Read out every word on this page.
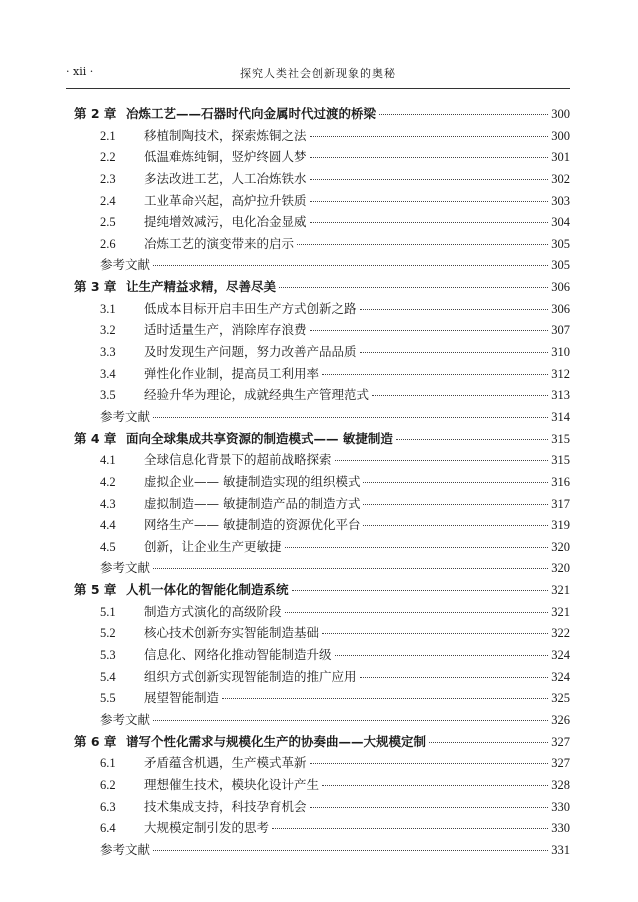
· xii ·	探究人类社会创新现象的奥秘
第 2 章 冶炼工艺——石器时代向金属时代过渡的桥梁	300
2.1	移植制陶技术，探索炼铜之法	300
2.2	低温难炼纯铜，竖炉终圆人梦	301
2.3	多法改进工艺，人工冶炼铁水	302
2.4	工业革命兴起，高炉拉升铁质	303
2.5	提纯增效减污，电化冶金显威	304
2.6	冶炼工艺的演变带来的启示	305
参考文献	305
第 3 章 让生产精益求精，尽善尽美	306
3.1	低成本目标开启丰田生产方式创新之路	306
3.2	适时适量生产，消除库存浪费	307
3.3	及时发现生产问题，努力改善产品品质	310
3.4	弹性化作业制，提高员工利用率	312
3.5	经验升华为理论，成就经典生产管理范式	313
参考文献	314
第 4 章 面向全球集成共享资源的制造模式—— 敏捷制造	315
4.1	全球信息化背景下的超前战略探索	315
4.2	虚拟企业—— 敏捷制造实现的组织模式	316
4.3	虚拟制造—— 敏捷制造产品的制造方式	317
4.4	网络生产—— 敏捷制造的资源优化平台	319
4.5	创新，让企业生产更敏捷	320
参考文献	320
第 5 章 人机一体化的智能化制造系统	321
5.1	制造方式演化的高级阶段	321
5.2	核心技术创新夯实智能制造基础	322
5.3	信息化、网络化推动智能制造升级	324
5.4	组织方式创新实现智能制造的推广应用	324
5.5	展望智能制造	325
参考文献	326
第 6 章 谱写个性化需求与规模化生产的协奏曲——大规模定制	327
6.1	矛盾蕴含机遇，生产模式革新	327
6.2	理想催生技术，模块化设计产生	328
6.3	技术集成支持，科技孕育机会	330
6.4	大规模定制引发的思考	330
参考文献	331
